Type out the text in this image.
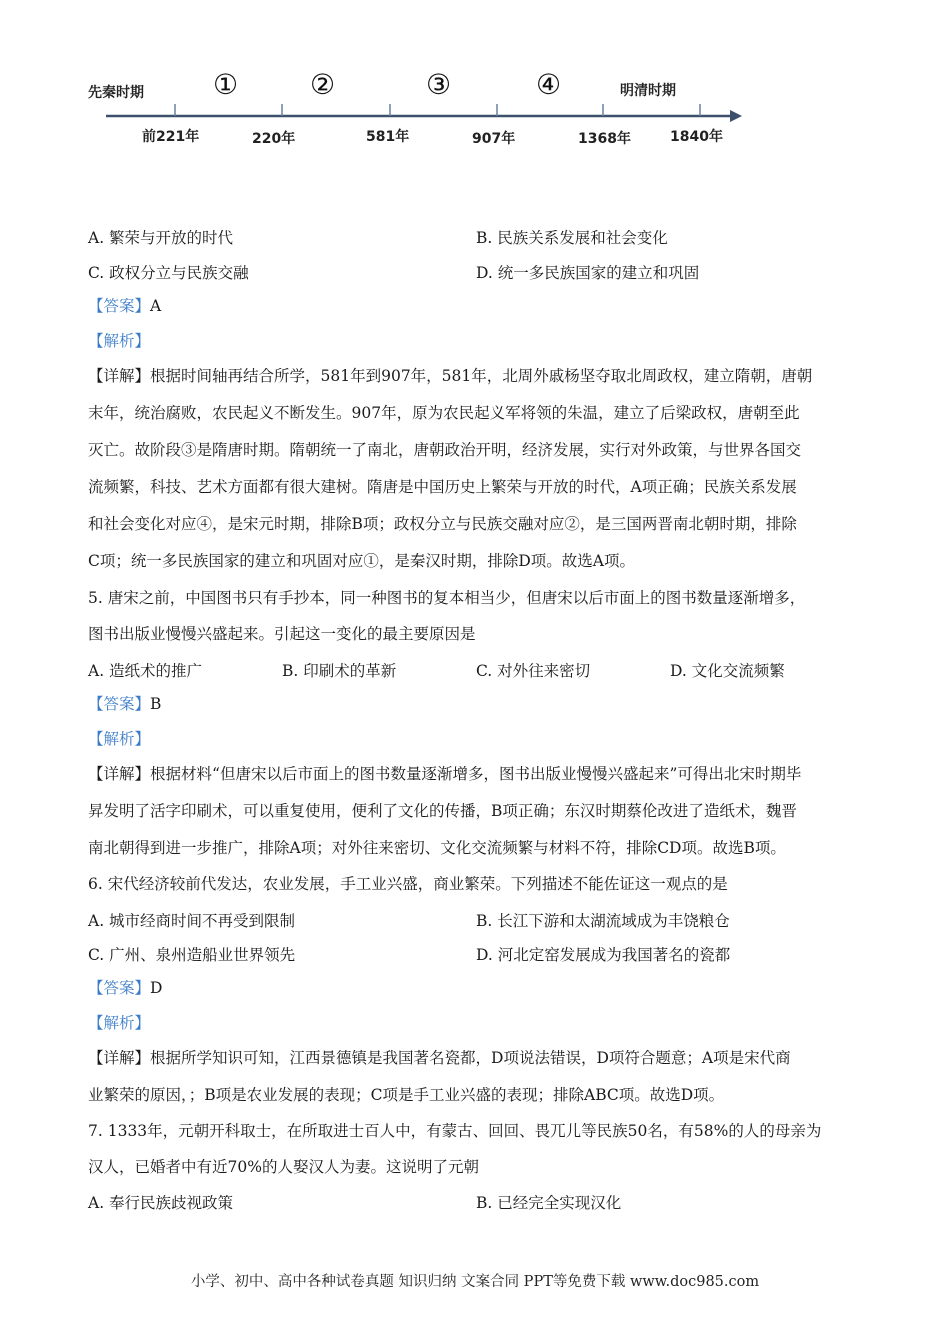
先秦时期	明清时期
①	②	③	④
前221年	220年	581年	907年	1368年	1840年
A. 繁荣与开放的时代	B. 民族关系发展和社会变化
C. 政权分立与民族交融	D. 统一多民族国家的建立和巩固
【答案】A
【解析】
【详解】根据时间轴再结合所学，581年到907年，581年，北周外戚杨坚夺取北周政权，建立隋朝，唐朝
末年，统治腐败，农民起义不断发生。907年，原为农民起义军将领的朱温，建立了后梁政权，唐朝至此
灭亡。故阶段③是隋唐时期。隋朝统一了南北，唐朝政治开明，经济发展，实行对外政策，与世界各国交
流频繁，科技、艺术方面都有很大建树。隋唐是中国历史上繁荣与开放的时代，A项正确；民族关系发展
和社会变化对应④，是宋元时期，排除B项；政权分立与民族交融对应②，是三国两晋南北朝时期，排除
C项；统一多民族国家的建立和巩固对应①，是秦汉时期，排除D项。故选A项。
5. 唐宋之前，中国图书只有手抄本，同一种图书的复本相当少，但唐宋以后市面上的图书数量逐渐增多，
图书出版业慢慢兴盛起来。引起这一变化的最主要原因是
A. 造纸术的推广	B. 印刷术的革新	C. 对外往来密切	D. 文化交流频繁
【答案】B
【解析】
【详解】根据材料“但唐宋以后市面上的图书数量逐渐增多，图书出版业慢慢兴盛起来”可得出北宋时期毕
昇发明了活字印刷术，可以重复使用，便利了文化的传播，B项正确；东汉时期蔡伦改进了造纸术，魏晋
南北朝得到进一步推广，排除A项；对外往来密切、文化交流频繁与材料不符，排除CD项。故选B项。
6. 宋代经济较前代发达，农业发展，手工业兴盛，商业繁荣。下列描述不能佐证这一观点的是
A. 城市经商时间不再受到限制	B. 长江下游和太湖流域成为丰饶粮仓
C. 广州、泉州造船业世界领先	D. 河北定窑发展成为我国著名的瓷都
【答案】D
【解析】
【详解】根据所学知识可知，江西景德镇是我国著名瓷都，D项说法错误，D项符合题意；A项是宋代商
业繁荣的原因，；B项是农业发展的表现；C项是手工业兴盛的表现；排除ABC项。故选D项。
7. 1333年，元朝开科取士，在所取进士百人中，有蒙古、回回、畏兀儿等民族50名，有58%的人的母亲为
汉人，已婚者中有近70%的人娶汉人为妻。这说明了元朝
A. 奉行民族歧视政策	B. 已经完全实现汉化
小学、初中、高中各种试卷真题 知识归纳 文案合同 PPT等免费下载 www.doc985.com
